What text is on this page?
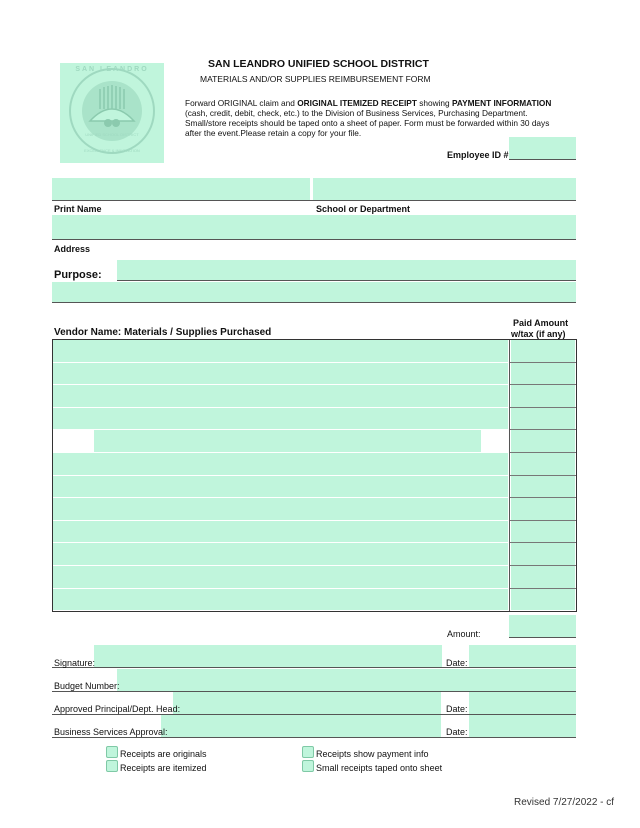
SAN LEANDRO
UNIFIED SCHOOL DISTRICT
EXCELLENCE & INNOVATION
SAN LEANDRO UNIFIED SCHOOL DISTRICT
MATERIALS AND/OR SUPPLIES REIMBURSEMENT FORM
Forward ORIGINAL claim and ORIGINAL ITEMIZED RECEIPT showing PAYMENT INFORMATION (cash, credit, debit, check, etc.) to the Division of Business Services, Purchasing Department. Small/store receipts should be taped onto a sheet of paper. Form must be forwarded within 30 days after the event.Please retain a copy for your file.
Employee ID #
Print Name	School or Department
Address
Purpose:
Vendor Name: Materials / Supplies Purchased
Paid Amount
w/tax (if any)
Amount:
Signature:	Date:
Budget Number:
Approved Principal/Dept. Head:	Date:
Business Services Approval:	Date:
Receipts are originals
Receipts are itemized
Receipts show payment info
Small receipts taped onto sheet
Revised 7/27/2022 - cf
